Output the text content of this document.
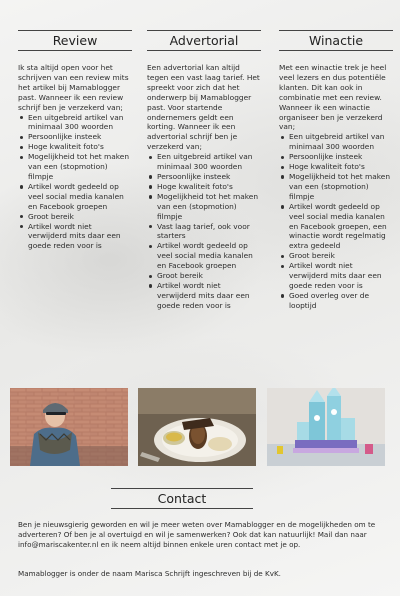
Review

Ik sta altijd open voor het schrijven van een review mits het artikel bij Mamablogger past. Wanneer ik een review schrijf ben je verzekerd van;

Een uitgebreid artikel van minimaal 300 woorden
Persoonlijke insteek
Hoge kwaliteit foto's
Mogelijkheid tot het maken van een (stopmotion) filmpje
Artikel wordt gedeeld op veel social media kanalen en Facebook groepen
Groot bereik
Artikel wordt niet verwijderd mits daar een goede reden voor is
Advertorial

Een advertorial kan altijd tegen een vast laag tarief. Het spreekt voor zich dat het onderwerp bij Mamablogger past. Voor startende ondernemers geldt een korting. Wanneer ik een advertorial schrijf ben je verzekerd van;

Een uitgebreid artikel van minimaal 300 woorden
Persoonlijke insteek
Hoge kwaliteit foto's
Mogelijkheid tot het maken van een (stopmotion) filmpje
Vast laag tarief, ook voor starters
Artikel wordt gedeeld op veel social media kanalen en Facebook groepen
Groot bereik
Artikel wordt niet verwijderd mits daar een goede reden voor is
Winactie

Met een winactie trek je heel veel lezers en dus potentiële klanten. Dit kan ook in combinatie met een review. Wanneer ik een winactie organiseer ben je verzekerd van;

Een uitgebreid artikel van minimaal 300 woorden
Persoonlijke insteek
Hoge kwaliteit foto's
Mogelijkheid tot het maken van een (stopmotion) filmpje
Artikel wordt gedeeld op veel social media kanalen en Facebook groepen, een winactie wordt regelmatig extra gedeeld
Groot bereik
Artikel wordt niet verwijderd mits daar een goede reden voor is
Goed overleg over de looptijd
Contact

Ben je nieuwsgierig geworden en wil je meer weten over Mamablogger en de mogelijkheden om te adverteren? Of ben je al overtuigd en wil je samenwerken? Ook dat kan natuurlijk! Mail dan naar info@mariscakenter.nl en ik neem altijd binnen enkele uren contact met je op.

Mamablogger is onder de naam Marisca Schrijft ingeschreven bij de KvK.
